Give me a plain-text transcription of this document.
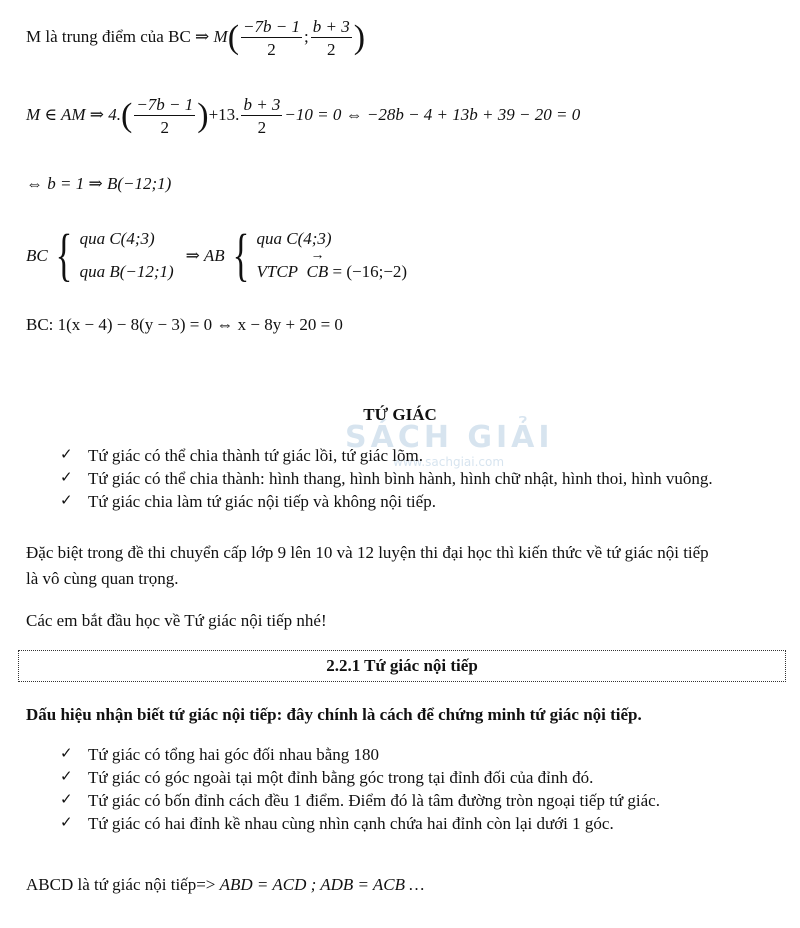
M là trung điểm của BC ⇒ $M( \frac{-7b - 1}{2}$ ; $\frac{b + 3}{2}$ )
M ∈ AM ⇒ $4.( \frac{-7b - 1}{2} )+13$. $\frac{b + 3}{2} -10 = 0$ ⇔ −28b − 4 + 13b + 39 − 20 = 0
⇔ b = 1 ⇒ B(−12;1)
BC { qua C(4;3)
qua B(−12;1)
⇒ AB { qua C(4;3)
VTCP  → CB = (−16;−2)
BC: 1(x − 4) − 8(y − 3) = 0 ⇔ x − 8y + 20 = 0
SÁCH GIẢI
www.sachgiai.com
TỨ GIÁC
✓ Tứ giác có thể chia thành tứ giác lồi, tứ giác lõm.
✓ Tứ giác có thể chia thành: hình thang, hình bình hành, hình chữ nhật, hình thoi, hình vuông.
✓ Tứ giác chia làm tứ giác nội tiếp và không nội tiếp.
Đặc biệt trong đề thi chuyển cấp lớp 9 lên 10 và 12 luyện thi đại học thì kiến thức về tứ giác nội tiếp
là vô cùng quan trọng.
Các em bắt đầu học về Tứ giác nội tiếp nhé!
2.2.1 Tứ giác nội tiếp
Dấu hiệu nhận biết tứ giác nội tiếp: đây chính là cách để chứng minh tứ giác nội tiếp.
✓ Tứ giác có tổng hai góc đối nhau bằng 180
✓ Tứ giác có góc ngoài tại một đỉnh bằng góc trong tại đỉnh đối của đỉnh đó.
✓ Tứ giác có bốn đỉnh cách đều 1 điểm. Điểm đó là tâm đường tròn ngoại tiếp tứ giác.
✓ Tứ giác có hai đỉnh kề nhau cùng nhìn cạnh chứa hai đỉnh còn lại dưới 1 góc.
ABCD là tứ giác nội tiếp=> ABD = ACD ; ADB = ACB …
